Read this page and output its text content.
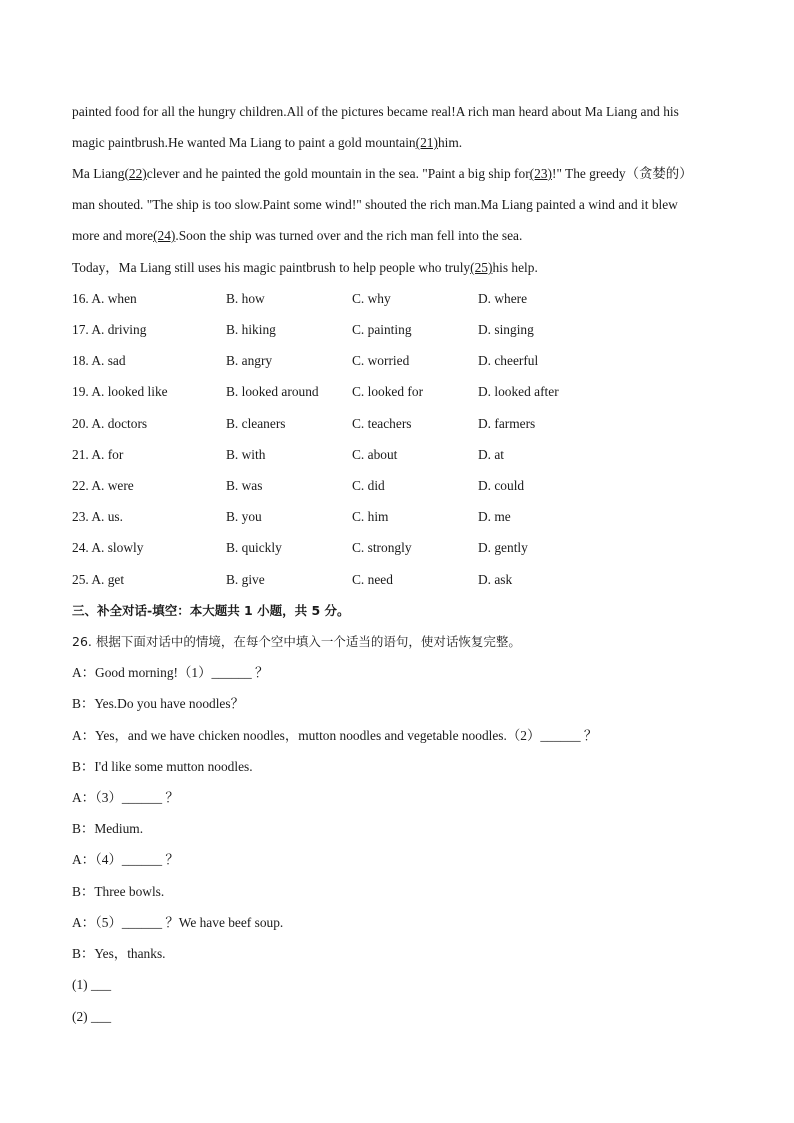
painted food for all the hungry children.All of the pictures became real!A rich man heard about Ma Liang and his
magic paintbrush.He wanted Ma Liang to paint a gold mountain(21)him.
Ma Liang(22)clever and he painted the gold mountain in the sea. "Paint a big ship for(23)!" The greedy（贪婪的）
man shouted. "The ship is too slow.Paint some wind!" shouted the rich man.Ma Liang painted a wind and it blew
more and more(24).Soon the ship was turned over and the rich man fell into the sea.
Today，Ma Liang still uses his magic paintbrush to help people who truly(25)his help.
16. A. when	B. how	C. why	D. where
17. A. driving	B. hiking	C. painting	D. singing
18. A. sad	B. angry	C. worried	D. cheerful
19. A. looked like	B. looked around C. looked for	D. looked after
20. A. doctors	B. cleaners	C. teachers	D. farmers
21. A. for	B. with	C. about	D. at
22. A. were	B. was	C. did	D. could
23. A. us.	B. you	C. him	D. me
24. A. slowly	B. quickly	C. strongly	D. gently
25. A. get	B. give	C. need	D. ask
三、补全对话-填空：本大题共 1 小题，共 5 分。
26. 根据下面对话中的情境，在每个空中填入一个适当的语句，使对话恢复完整。
A：Good morning!（1）______ ？
B：Yes.Do you have noodles？
A：Yes，and we have chicken noodles，mutton noodles and vegetable noodles.（2）______ ？
B：I'd like some mutton noodles.
A：（3）______ ？
B：Medium.
A：（4）______ ？
B：Three bowls.
A：（5）______ ？We have beef soup.
B：Yes，thanks.
(1) ___
(2) ___
